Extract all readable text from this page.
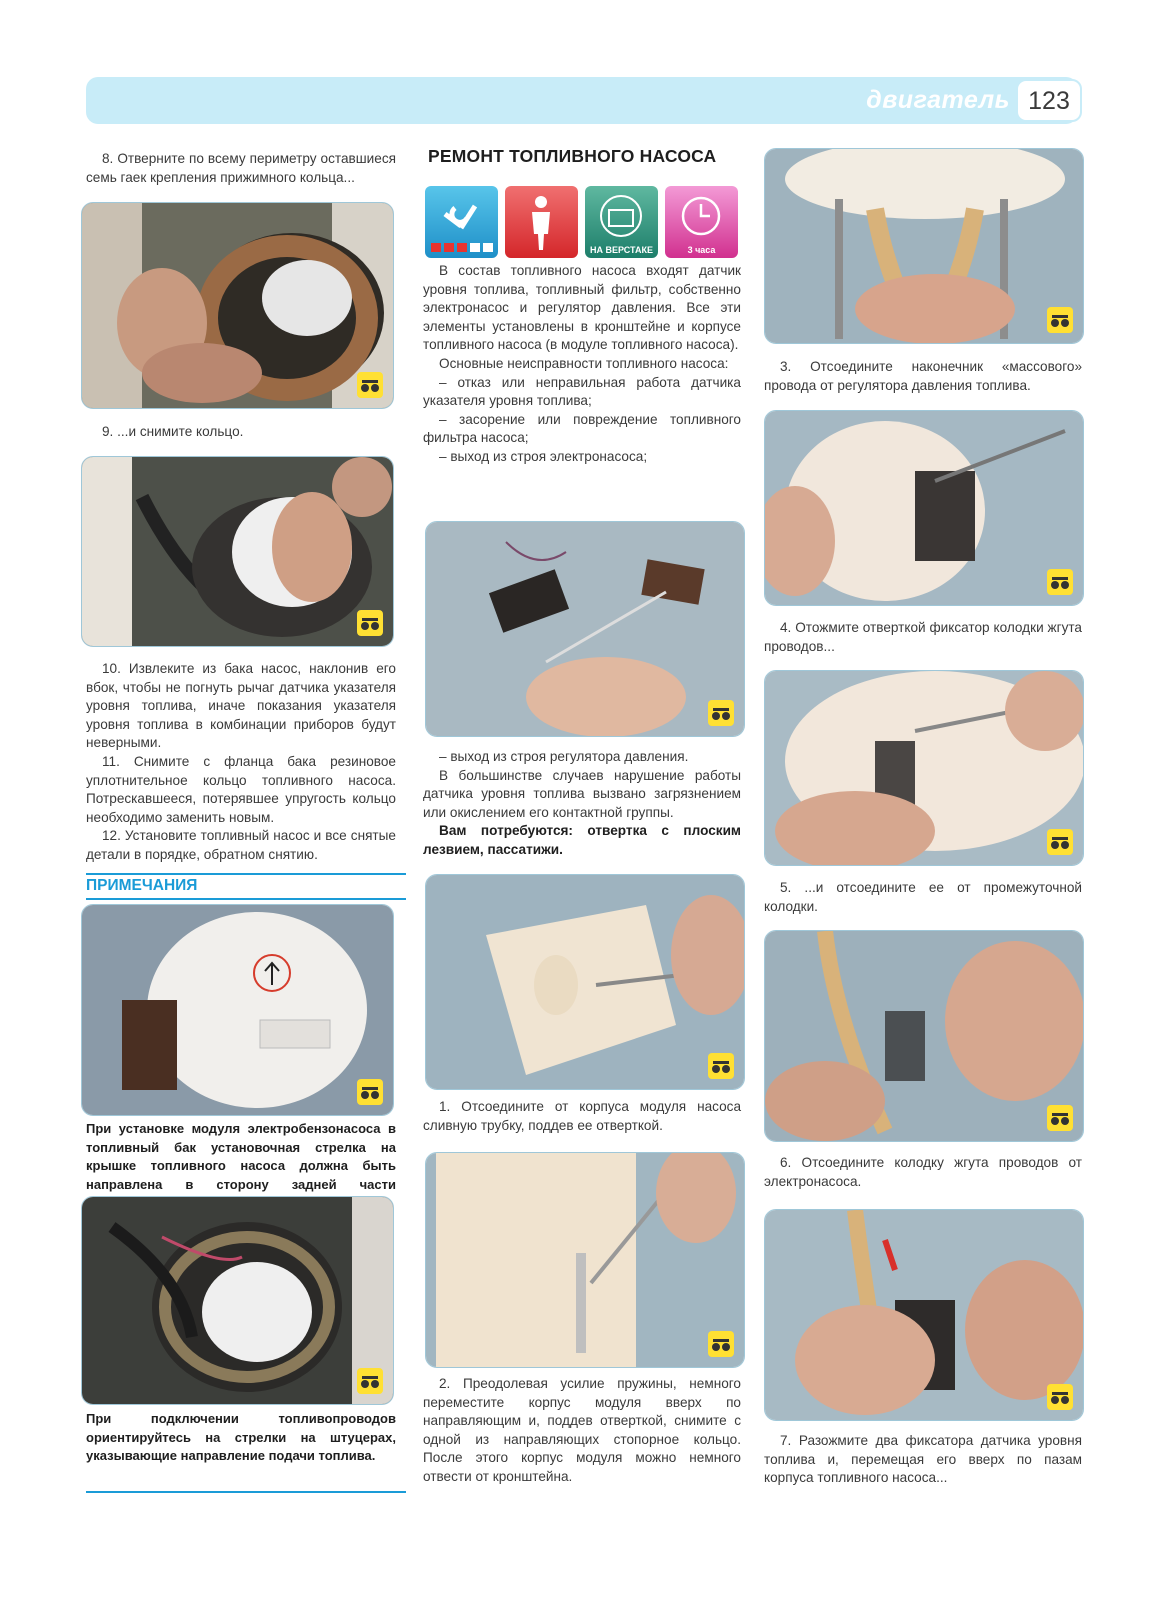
двигатель 123

8. Отверните по всему периметру оставшиеся семь гаек крепления прижимного кольца...

9. ...и снимите кольцо.

10. Извлеките из бака насос, наклонив его вбок, чтобы не погнуть рычаг датчика указателя уровня топлива, иначе показания указателя уровня топлива в комбинации приборов будут неверными.

11. Снимите с фланца бака резиновое уплотнительное кольцо топливного насоса. Потрескавшееся, потерявшее упругость кольцо необходимо заменить новым.

12. Установите топливный насос и все снятые детали в порядке, обратном снятию.

ПРИМЕЧАНИЯ
При установке модуля электробензонасоса в топливный бак установочная стрелка на крышке топливного насоса должна быть направлена в сторону задней части
При подключении топливопроводов ориентируйтесь на стрелки на штуцерах, указывающие направление подачи топлива.
РЕМОНТ ТОПЛИВНОГО НАСОСА
НА ВЕРСТАКЕ	3 часа

В состав топливного насоса входят датчик уровня топлива, топливный фильтр, собственно электронасос и регулятор давления. Все эти элементы установлены в кронштейне и корпусе топливного насоса (в модуле топливного насоса).

Основные неисправности топливного насоса:

– отказ или неправильная работа датчика указателя уровня топлива;

– засорение или повреждение топливного фильтра насоса;

– выход из строя электронасоса;

– выход из строя регулятора давления.

В большинстве случаев нарушение работы датчика уровня топлива вызвано загрязнением или окислением его контактной группы.

Вам потребуются: отвертка с плоским лезвием, пассатижи.

1. Отсоедините от корпуса модуля насоса сливную трубку, поддев ее отверткой.

2. Преодолевая усилие пружины, немного переместите корпус модуля вверх по направляющим и, поддев отверткой, снимите с одной из направляющих стопорное кольцо. После этого корпус модуля можно немного отвести от кронштейна.

3. Отсоедините наконечник «массового» провода от регулятора давления топлива.

4. Отожмите отверткой фиксатор колодки жгута проводов...

5. ...и отсоедините ее от промежуточной колодки.

6. Отсоедините колодку жгута проводов от электронасоса.

7. Разожмите два фиксатора датчика уровня топлива и, перемещая его вверх по пазам корпуса топливного насоса...
